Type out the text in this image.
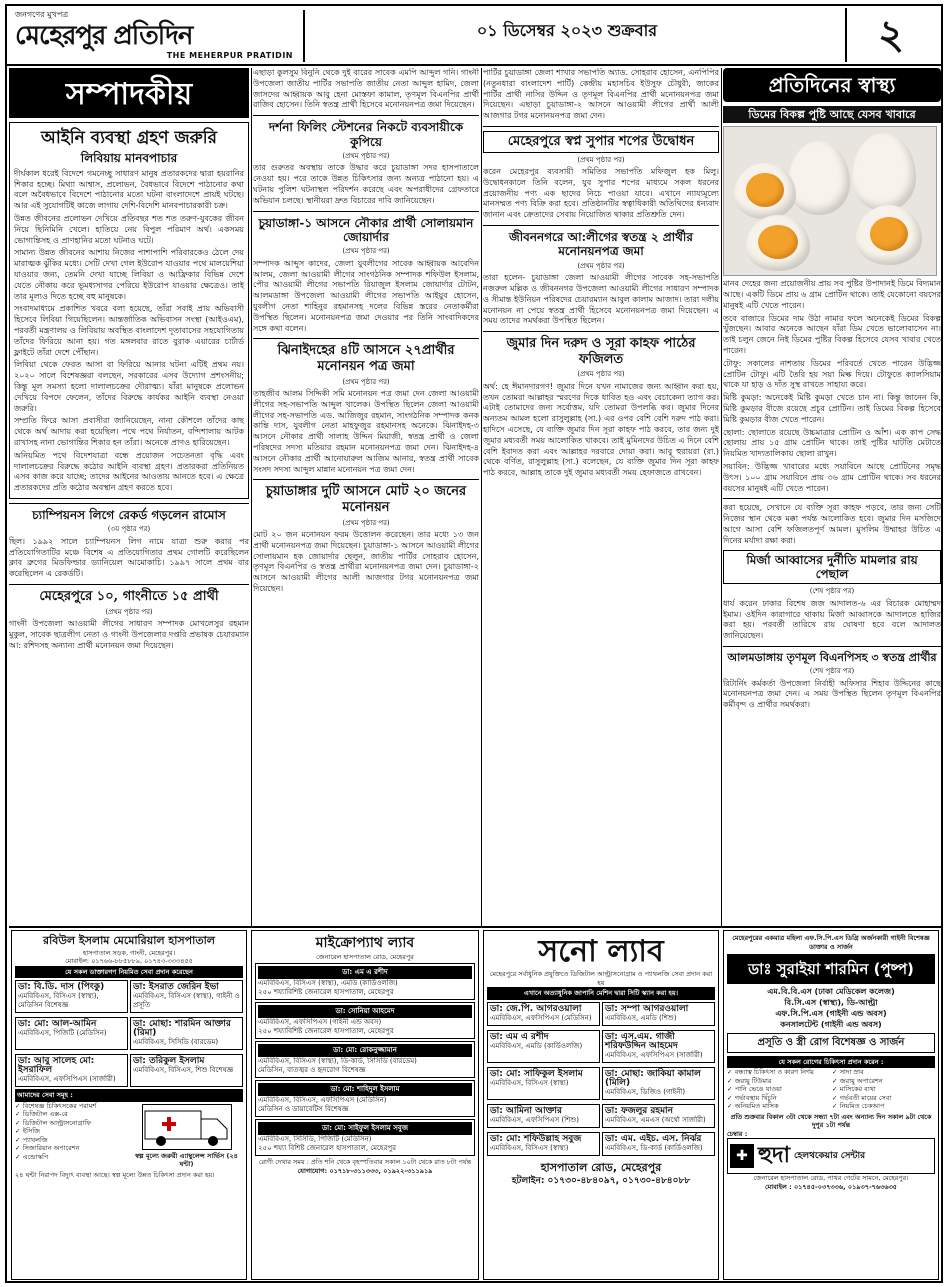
জনগণের মুখপত্র
মেহেরপুর প্রতিদিন
THE MEHERPUR PRATIDIN
০১ ডিসেম্বর ২০২৩ শুক্রবার	২
সম্পাদকীয়
আইনি ব্যবস্থা গ্রহণ জরুরি
লিবিয়ায় মানবপাচার

দীর্ঘকাল ধরেই বিদেশে গমনেচ্ছু সাধারণ মানুষ প্রতারকদের দ্বারা হয়রানির শিকার হচ্ছে। মিথ্যা আশ্বাস, প্রলোভন, বৈধভাবে বিদেশে পাঠানোর কথা বলে অবৈধভাবে বিদেশে পাঠানোর মতো ঘটনা বাংলাদেশে প্রায়ই ঘটছে। আর এই সুযোগটিই কাজে লাগায় দেশি-বিদেশি মানবপাচারকারী চক্র।

উন্নত জীবনের প্রলোভন দেখিয়ে প্রতিবছর শত শত তরুণ-যুবকের জীবন নিয়ে ছিনিমিনি খেলে। হাতিয়ে নেয় বিপুল পরিমাণ অর্থ। একসময় ভোগান্তিসহ ও প্রাণহানির মতো ঘটনাও ঘটে।

সামান্য উন্নত জীবনের আশায় নিজের পাশাপাশি পরিবারকেও ঠেলে দেয় মারাত্মক ঝুঁকির মধ্যে। সেটি দেখা গেল ইউরোপ যাওয়ার পথে মালয়েশিয়া যাওয়ার জন্য, তেমনি দেখা যাচ্ছে লিবিয়া ও আফ্রিকার বিভিন্ন দেশে যেতে নৌকায় করে ভূমধ্যসাগর পেরিয়ে ইউরোপ যাওয়ার ক্ষেত্রেও। তাই তার মূল্যও দিতে হচ্ছে বহু মানুষকে।

সংবাদমাধ্যমে প্রকাশিত খবরে বলা হয়েছে, তাঁরা সবাই প্রায় অভিবাসী হিসেবে লিবিয়া গিয়েছিলেন। আন্তর্জাতিক অভিবাসন সংস্থা (আইওএম), পরবর্তী মন্ত্রণালয় ও লিবিয়ায় অবস্থিত বাংলাদেশ দূতাবাসের সহযোগিতায় তাঁদের ফিরিয়ে আনা হয়। গত মঙ্গলবার রাতে বুরাক এয়ারের চার্টার্ড ফ্লাইটে তাঁরা দেশে পৌঁছান।

লিবিয়া থেকে ফেরত আসা বা ফিরিয়ে আনার ঘটনা এটিই প্রথম নয়। ২০২০ সালে বিশেষজ্ঞরা বলছেন, সরকারের এসব উদ্যোগ প্রশংসনীয়; কিন্তু মূল সমস্যা হলো দালালচক্রের দৌরাত্ম্য। যাঁরা মানুষকে প্রলোভন দেখিয়ে বিপদে ফেলেন, তাঁদের বিরুদ্ধে কার্যকর আইনি ব্যবস্থা নেওয়া জরুরি।

সম্প্রতি ফিরে আসা প্রবাসীরা জানিয়েছেন, নানা কৌশলে তাঁদের কাছ থেকে অর্থ আদায় করা হয়েছিল। পথে পথে নির্যাতন, বন্দিশালায় আটক রাখাসহ নানা ভোগান্তির শিকার হন তাঁরা। অনেকে প্রাণও হারিয়েছেন।

অনিয়মিত পথে বিদেশযাত্রা বন্ধে প্রয়োজন সচেতনতা বৃদ্ধি এবং দালালচক্রের বিরুদ্ধে কঠোর আইনি ব্যবস্থা গ্রহণ। প্রতারকরা প্রতিনিয়ত এসব কাজ করে যাচ্ছে; তাদের আইনের আওতায় আনতে হবে। এ ক্ষেত্রে প্রতারকদের প্রতি কঠোর অবস্থান গ্রহণ করতে হবে।

চ্যাম্পিয়নস লিগে রেকর্ড গড়লেন রামোস
(৩য় পৃষ্ঠার পর)

ছিল। ১৯৯২ সালে চ্যাম্পিয়নস লিগ নামে যাত্রা শুরু করার পর প্রতিযোগিতাটির মঞ্চে বিশেষ এ প্রতিযোগিতার প্রথম গোলটি করেছিলেন ক্লাব ব্রুগের মিডফিল্ডার ড্যানিয়েল আমোকাচি। ১৯৯৭ সালে প্রথম বার করেছিলেন এ রেকর্ডটি।

মেহেরপুরে ১০, গাংনীতে ১৫ প্রার্থী
(প্রথম পৃষ্ঠার পর)

গাংনী উপজেলা আওয়ামী লীগের সাধারণ সম্পাদক মোখলেসুর রহমান মুকুল, সাবেক ছাত্রলীগ নেতা ও গাংনী উপজেলার দপ্তরি প্রভাষক চেয়ারম্যান আ: রশিদসহ অন্যান্য প্রার্থী মনোনয়ন জমা দিয়েছেন।

এছাড়া কুলসুম বিনুনি থেকে দুই বারের সাবেক এমপি আব্দুল গনি। গাংনী উপজেলা জাতীয় পার্টির সভাপতি জাতীয় নেতা আব্দুল হামিদ, জেলা জাসদের আহ্বায়ক আবু হেনা মোস্তফা কামাল, তৃণমূল বিএনপির প্রার্থী রাজিব হোসেন। তিনি স্বতন্ত্র প্রার্থী হিসেবে মনোনয়নপত্র জমা দিয়েছেন।

দর্শনা ফিলিং স্টেশনের নিকটে ব্যবসায়ীকে কুপিয়ে
(প্রথম পৃষ্ঠার পর)

তার গুরুতর অবস্থায় তাকে উদ্ধার করে চুয়াডাঙ্গা সদর হাসপাতালে নেওয়া হয়। পরে তাকে উন্নত চিকিৎসার জন্য অন্যত্র পাঠানো হয়। এ ঘটনায় পুলিশ ঘটনাস্থল পরিদর্শন করেছে এবং অপরাধীদের গ্রেফতারে অভিযান চলছে। স্থানীয়রা দ্রুত বিচারের দাবি জানিয়েছেন।

চুয়াডাঙ্গা-১ আসনে নৌকার প্রার্থী সোলায়মান জোয়ার্দার
(প্রথম পৃষ্ঠার পর)

সম্পাদক আব্দুস কাদের, জেলা যুবলীগের সাবেক আহ্বায়ক আবেদিন আলম, জেলা আওয়ামী লীগের সাংগঠনিক সম্পাদক শফিউল ইসলাম, পৌর আওয়ামী লীগের সভাপতি রিয়াজুল ইসলাম জোয়ার্দার টোটন, আলমডাঙ্গা উপজেলা আওয়ামী লীগের সভাপতি আইয়ুব হোসেন, যুবলীগ নেতা শাহিনুর রহমানসহ দলের বিভিন্ন স্তরের নেতাকর্মীরা উপস্থিত ছিলেন। মনোনয়নপত্র জমা দেওয়ার পর তিনি সাংবাদিকদের সঙ্গে কথা বলেন।

ঝিনাইদহের ৪টি আসনে ২৭প্রার্থীর মনোনয়ন পত্র জমা
(প্রথম পৃষ্ঠার পর)

তাহজীব আলম সিদ্দিকী সমি মনোনয়ন পত্র জমা দেন জেলা আওয়ামী লীগের সহ-সভাপতি আব্দুল খালেক। উপস্থিত ছিলেন জেলা আওয়ামী লীগের সহ-সভাপতি এড. আজিজুর রহমান, সাংগঠনিক সম্পাদক কনক কান্তি দাস, যুবলীগ নেতা মাহফুজুর রহমানসহ অনেকে। ঝিনাইদহ-৩ আসনে নৌকার প্রার্থী সালাহ উদ্দিন মিয়াজী, স্বতন্ত্র প্রার্থী ও জেলা পরিষদের সদস্য মতিয়ার রহমান মনোনয়নপত্র জমা দেন। ঝিনাইদহ-৪ আসনে নৌকার প্রার্থী আনোয়ারুল আজিম আনার, স্বতন্ত্র প্রার্থী সাবেক সংসদ সদস্য আব্দুল মান্নান মনোনয়ন পত্র জমা দেন।

চুয়াডাঙ্গার দুটি আসনে মোট ২০ জনের মনোনয়ন
(প্রথম পৃষ্ঠার পর)

মোট ২০ জন মনোনয়ন ফরম উত্তোলন করেছেন। তার মধ্যে ১৩ জন প্রার্থী মনোনয়নপত্র জমা দিয়েছেন। চুয়াডাঙ্গা-১ আসনে আওয়ামী লীগের সোলায়মান হক জোয়ার্দার ছেলুন, জাতীয় পার্টির সোহরাব হোসেন, তৃণমূল বিএনপির ও স্বতন্ত্র প্রার্থীরা মনোনয়নপত্র জমা দেন। চুয়াডাঙ্গা-২ আসনে আওয়ামী লীগের আলী আজগার টগর মনোনয়নপত্র জমা দিয়েছেন।

পার্টির চুয়াডাঙ্গা জেলা শাখার সভাপতি অ্যাড. সোহরাব হোসেন, এনপিপির (নতুনধারা বাংলাদেশ পার্টি) কেন্দ্রীয় মহাসচিব ইউসুফ চৌধুরী, জাকের পার্টির প্রার্থী নাসির উদ্দিন ও তৃণমূল বিএনপির প্রার্থী মনোনয়নপত্র জমা দিয়েছেন। এছাড়া চুয়াডাঙ্গা-২ আসনে আওয়ামী লীগের প্রার্থী আলী আজগার টগর মনোনয়নপত্র জমা দেন।

মেহেরপুরে স্বপ্ন সুপার শপের উদ্বোধন
(প্রথম পৃষ্ঠার পর)

করেন মেহেরপুর ব্যবসায়ী সমিতির সভাপতি মফিজুল হক মিলু। উদ্বোধনকালে তিনি বলেন, যুব সুপার শপের মাধ্যমে সকল ধরনের প্রয়োজনীয় পণ্য এক ছাদের নিচে পাওয়া যাবে। এখানে ন্যায্যমূল্যে মানসম্মত পণ্য বিক্রি করা হবে। প্রতিষ্ঠানটির স্বত্বাধিকারী অতিথিদের ধন্যবাদ জানান এবং ক্রেতাদের সেবায় নিয়োজিত থাকার প্রতিশ্রুতি দেন।

জীবননগরে আ:লীগের স্বতন্ত্র ২ প্রার্থীর মনোনয়নপত্র জমা
(প্রথম পৃষ্ঠার পর)

তারা হলেন- চুয়াডাঙ্গা জেলা আওয়ামী লীগের সাবেক সহ-সভাপতি নজরুল মল্লিক ও জীবননগর উপজেলা আওয়ামী লীগের সাধারণ সম্পাদক ও সীমান্ত ইউনিয়ন পরিষদের চেয়ারম্যান আবুল কালাম আজাদ। তারা দলীয় মনোনয়ন না পেয়ে স্বতন্ত্র প্রার্থী হিসেবে মনোনয়নপত্র জমা দিয়েছেন। এ সময় তাদের সমর্থকরা উপস্থিত ছিলেন।

জুমার দিন দরুদ ও সূরা কাহফ পাঠের ফজিলত
(প্রথম পৃষ্ঠার পর)

অর্থ: হে ঈমানদারগণ! জুমার দিনে যখন নামাজের জন্য আহ্বান করা হয়, তখন তোমরা আল্লাহর স্মরণের দিকে ধাবিত হও এবং বেচাকেনা ত্যাগ কর। এটাই তোমাদের জন্য সর্বোত্তম, যদি তোমরা উপলব্ধি কর। জুমার দিনের অন্যতম আমল হলো রাসুলুল্লাহ (সা.) এর ওপর বেশি বেশি দরুদ পাঠ করা। হাদিসে এসেছে, যে ব্যক্তি জুমার দিন সূরা কাহফ পাঠ করবে, তার জন্য দুই জুমার মধ্যবর্তী সময় আলোকিত থাকবে। তাই মুমিনদের উচিত এ দিনে বেশি বেশি ইবাদত করা এবং আল্লাহর দরবারে দোয়া করা। আবু হুরায়রা (রা.) থেকে বর্ণিত, রাসুলুল্লাহ (সা.) বলেছেন, যে ব্যক্তি জুমার দিন সূরা কাহফ পাঠ করবে, আল্লাহ তাকে দুই জুমার মধ্যবর্তী সময় হেফাজতে রাখবেন।

প্রতিদিনের স্বাস্থ্য
ডিমের বিকল্প পুষ্টি আছে যেসব খাবারে

মানব দেহের জন্য প্রয়োজনীয় প্রায় সব পুষ্টির উপাদানই ডিমে বিদ্যমান আছে। একটি ডিমে প্রায় ৬ গ্রাম প্রোটিন থাকে। তাই যেকোনো বয়সের মানুষই এটি খেতে পারেন।

তবে বাজারে ডিমের দাম উঠা নামার ফলে অনেকেই ডিমের বিকল্প খুঁজছেন। আবার অনেকে আছেন যাঁরা ডিম খেতে ভালোবাসেন না। তাই চলুন জেনে নিই ডিমের পুষ্টির বিকল্প হিসেবে যেসব খাবার খেতে পারেন।

টোফু: সকালের নাশতায় ডিমের পরিবর্তে খেতে পারেন উদ্ভিজ্জ প্রোটিন টোফু। এটি তৈরি হয় সয়া মিল্ক দিয়ে। টোফুতে ক্যালসিয়াম থাকে যা হাড় ও দাঁত সুস্থ রাখতে সাহায্য করে।

মিষ্টি কুমড়া: অনেকেই মিষ্টি কুমড়া খেতে চান না। কিন্তু জানেন কি, মিষ্টি কুমড়ার বীজে রয়েছে প্রচুর প্রোটিন। তাই ডিমের বিকল্প হিসেবে মিষ্টি কুমড়ার বীজ খেতে পারেন।

ছোলা: ছোলাতে রয়েছে উচ্চমাত্রার প্রোটিন ও আঁশ। এক কাপ সেদ্ধ ছোলায় প্রায় ১৫ গ্রাম প্রোটিন থাকে। তাই পুষ্টির ঘাটতি মেটাতে নিয়মিত খাদ্যতালিকায় ছোলা রাখুন।

সয়াবিন: উদ্ভিজ্জ খাবারের মধ্যে সয়াবিনে আছে প্রোটিনের সমৃদ্ধ উৎস। ১০০ গ্রাম সয়াবিনে প্রায় ৩৬ গ্রাম প্রোটিন থাকে। সব ধরনের বয়সের মানুষই এটি খেতে পারেন।

করা হয়েছে, সেখানে যে ব্যক্তি সূরা কাহফ পড়বে, তার জন্য সেটি নিজের স্থান থেকে মক্কা পর্যন্ত আলোকিত হবে। জুমার দিন মসজিদে আগে আসা বেশি ফজিলতপূর্ণ আমল। মুসলিম উম্মাহর উচিত এ দিনের মর্যাদা রক্ষা করা।

মির্জা আব্বাসের দুর্নীতি মামলার রায় পেছাল
(শেষ পৃষ্ঠার পর)

ধার্য করেন ঢাকার বিশেষ জজ আদালত-৬ এর বিচারক মোহাম্মদ ইমাম। ওইদিন কারাগারে থাকায় মির্জা আব্বাসকে আদালতে হাজির করা হয়। পরবর্তী তারিখে রায় ঘোষণা হবে বলে আদালত জানিয়েছেন।

আলমডাঙ্গায় তৃণমূল বিএনপিসহ ৩ স্বতন্ত্র প্রার্থীর
(শেষ পৃষ্ঠার পর)

রিটার্নিং কর্মকর্তা উপজেলা নির্বাহী অফিসার শিহাব উদ্দিনের কাছে মনোনয়নপত্র জমা দেন। এ সময় উপস্থিত ছিলেন তৃণমূল বিএনপির কর্মীবৃন্দ ও প্রার্থীর সমর্থকরা।

রবিউল ইসলাম মেমোরিয়াল হাসপাতাল
হাসপাতাল সড়ক, গাংনী, মেহেরপুর।
মোবাইল: ০১৭৬৬-৮৮৫৮৮৯, ০১৭৪৩-৩৩৩৪৫৫
যে সকল ডাক্তারগণ নিয়মিত সেবা প্রদান করেছেন
ডা: বি.ডি. দাস (পিংকু)
এমবিবিএস, বিসিএস (স্বাস্থ্য), মেডিসিন বিশেষজ্ঞ
ডা: ইসরাত জেরিন ইভা
এমবিবিএস, বিসিএস (স্বাস্থ্য), গাইনী ও প্রসূতি
ডা: মো: আল-আমিন
এমবিবিএস, পিজিটি (মেডিসিন)
ডা: মোছা: শারমিন আক্তার (রিমা)
এমবিবিএস, সিসিডি (বারডেম)
ডা: আবু সালেহ মো: ইসরাফিল
এমবিবিএস, এফসিপিএস (সার্জারী)
ডা: তরিকুল ইসলাম
এমবিবিএস, বিসিএস, শিশু বিশেষজ্ঞ
আমাদের সেবা সমূহ :
✓ বিশেষজ্ঞ চিকিৎসকের পরামর্শ
✓ ডিজিটাল এক্স-রে
✓ ডিজিটাল আল্ট্রাসনোগ্রাফি
✓ ইসিজি
✓ প্যাথলজি
✓ সিজারিয়ান অপারেশন
✓ এন্ডোস্কপি	স্বল্প মূল্যে জরুরী এ্যাম্বুলেন্স সার্ভিস (২৪ ঘন্টা)
২৪ ঘন্টা নিরাপদ বিদ্যুৎ ব্যবস্থা আছে। স্বল্প মূল্যে উন্নত চিকিৎসা প্রদান করা হয়।
মাইক্রোপ্যাথ ল্যাব
জেনারেল হাসপাতাল রোড, মেহেরপুর
ডা: এম এ রশীদ
এমবিবিএস, বিসিএস (স্বাস্থ্য), এমডি (কার্ডিওলজি)
২৫০ শয্যাবিশিষ্ট জেনারেল হাসপাতাল, মেহেরপুর
ডা: সোনিয়া আহমেদ
এমবিবিএস, এফসিপিএস (গাইনী এন্ড অবস)
২৫০ শয্যাবিশিষ্ট জেনারেল হাসপাতাল, মেহেরপুর
ডা: মো: রোকনুজ্জামান
এমবিবিএস, বিসিএস (স্বাস্থ্য), ডি-কার্ড, সিসিডি (বারডেম)
মেডিসিন, বাতজ্বর ও হৃদরোগ বিশেষজ্ঞ
ডা: মো: শাহিদুল ইসলাম
এমবিবিএস, বিসিএস, এফসিপিএস (মেডিসিন)
মেডিসিন ও ডায়াবেটিস বিশেষজ্ঞ
ডা: মো: সাইফুল ইসলাম সবুজ
এমবিবিএস, সিসিডি, পিজিটি (মেডিসিন)
২৫০ শয্যা বিশিষ্ট জেনারেল হাসপাতাল, মেহেরপুর
রোগী দেখার সময় : প্রতি শনি থেকে বৃহস্পতিবার সকাল ১০টা থেকে রাত ৮টা পর্যন্ত
যোগাযোগ: ০১৭১৮-৩১১৩৩৩, ০১৯২২-৩১১৯১৯
সনো ল্যাব
মেহেরপুরে সর্বাধুনিক প্রযুক্তিতে ডিজিটাল আল্ট্রাসনোগ্রাম ও প্যাথলজি সেবা প্রদান করা হয়
এখানে অত্যাধুনিক জাপানি মেশিন দ্বারা সিটি স্ক্যান করা হয়।
ডা: জে.পি. আগরওয়ালা
এমবিবিএস, এফসিপিএস (মেডিসিন)
ডা: সম্পা আগরওয়ালা
এমবিবিএস, এমডি (শিশু)
ডা: এম এ রশীদ
এমবিবিএস, এমডি (কার্ডিওলজি)
ডা: এস.এম. গাজী শরিফউদ্দিন আহমেদ
এমবিবিএস, এফসিপিএস (সার্জারী)
ডা: মো: সাফিকুল ইসলাম
এমবিবিএস, বিসিএস (স্বাস্থ্য)
ডা: মোছা: জাকিয়া কামাল (মিলি)
এমবিবিএস, ডিজিও (গাইনী)
ডা: আমিনা আক্তার
এমবিবিএস, এফসিপিএস (শিশু)
ডা: ফজলুর রহমান
এমবিবিএস, এমএস (অর্থো সার্জারী)
ডা: মো: শফিউল্লাহ সবুজ
এমবিবিএস, বিসিএস (স্বাস্থ্য)
ডা: এম. এইচ. এস. নির্ঝর
এমবিবিএস, ডি-কার্ড (কার্ডিওলজি)
হাসপাতাল রোড, মেহেরপুর
হটলাইন: ০১৭৩০-৪৮৪০৯৭, ০১৭৩০-৪৮৪০৮৮
মেহেরপুরের একমাত্র মহিলা এফ.সি.পি.এস ডিগ্রি অর্জনকারী গাইনী বিশেষজ্ঞ ডাক্তার ও সার্জন
ডাঃ সুরাইয়া শারমিন (পুষ্প)
এম.বি.বি.এস (ঢাকা মেডিকেল কলেজ)
বি.সি.এস (স্বাস্থ্য), ডি-আল্ট্রা
এফ.সি.পি.এস (গাইনী এন্ড অবস)
কনসালটেন্ট (গাইনী এন্ড অবস)
প্রসূতি ও স্ত্রী রোগ বিশেষজ্ঞ ও সার্জন
যে সকল রোগের চিকিৎসা প্রদান করেন :
✓ বন্ধ্যাত্ব চিকিৎসা ও কারণ নির্ণয়
✓ জরায়ু টিউমার
✓ পানি ভেঙে যাওয়া
✓ গর্ভাবস্থায় খিঁচুনি
✓ অনিয়মিত মাসিক
✓ সাদা স্রাব
✓ জরায়ু অপারেশন
✓ মাসিকের ব্যথা
✓ গর্ভবতী মায়ের সেবা
✓ নিয়মিত চেকআপ
প্রতি শুক্রবার বিকাল ৩টা থেকে সন্ধ্যা ৭টা এবং অন্যান্য দিন সকাল ৯টা থেকে দুপুর ১টা পর্যন্ত
চেম্বার :
✚ হুদা হেলথকেয়ার সেন্টার
জেনারেল হাসপাতাল রোড, পাথর গেটের সামনে, মেহেরপুর।
মোবাইল : ০১৭৪৫-০৩৭৩৩৬, ০১৯৩৭-৭৬৩৬৩৫
